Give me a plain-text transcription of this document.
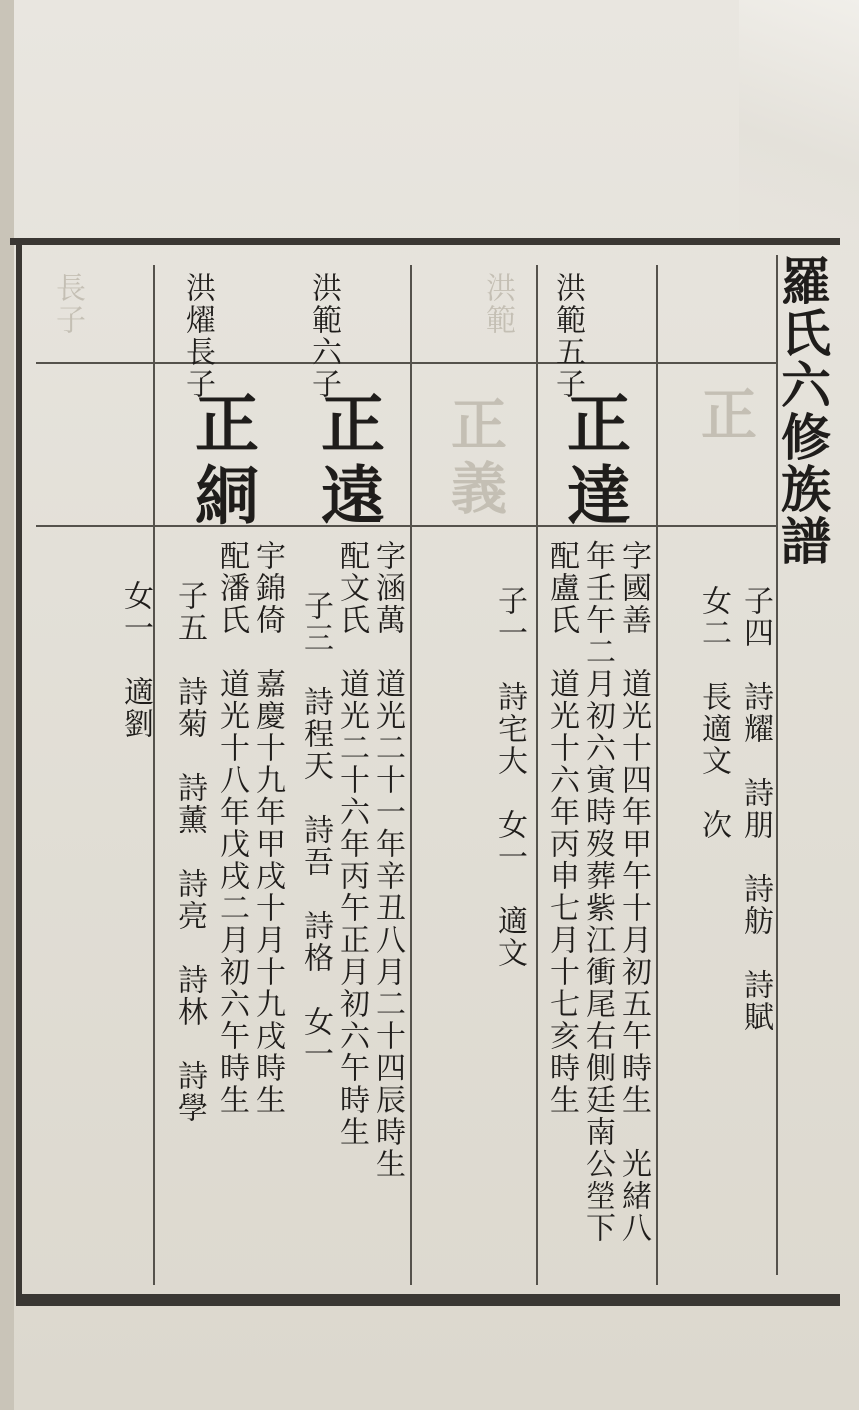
洪範
長子
正義	正 羅氏六修族譜
洪範五子
正達
字國善　道光十四年甲午十月初五午時生　光緒八
年壬午二月初六寅時歿葬紫江衝尾右側廷南公塋下
配盧氏　道光十六年丙申七月十七亥時生
子一　詩宅大　女一　適文
洪範六子
正遠
字涵萬　道光二十一年辛丑八月二十四辰時生
配文氏　道光二十六年丙午正月初六午時生
子三　詩程天　詩吾　詩格　女一
洪燿長子
正絧
宇錦倚　嘉慶十九年甲戌十月十九戌時生
配潘氏　道光十八年戊戌二月初六午時生
子五　詩菊　詩薰　詩亮　詩林　詩學
女一　適劉	子四　詩耀　詩朋　詩舫　詩賦
女二　長適文　次
